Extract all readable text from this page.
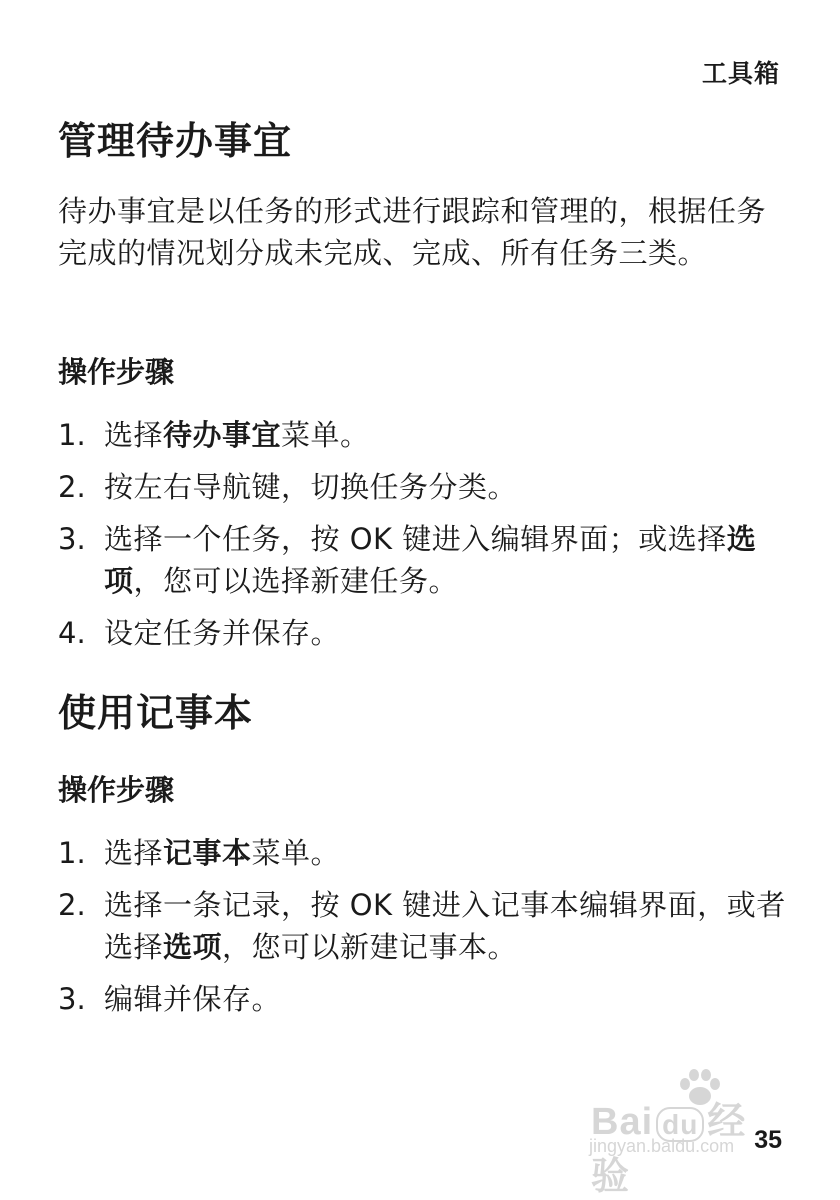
工具箱
管理待办事宜

待办事宜是以任务的形式进行跟踪和管理的，根据任务完成的情况划分成未完成、完成、所有任务三类。

操作步骤
1. 选择待办事宜菜单。
2. 按左右导航键，切换任务分类。
3. 选择一个任务，按 OK 键进入编辑界面；或选择选项，您可以选择新建任务。
4. 设定任务并保存。
使用记事本
操作步骤
1. 选择记事本菜单。
2. 选择一条记录，按 OK 键进入记事本编辑界面，或者选择选项，您可以新建记事本。
3. 编辑并保存。
Bai du 经验
jingyan.baidu.com 35
